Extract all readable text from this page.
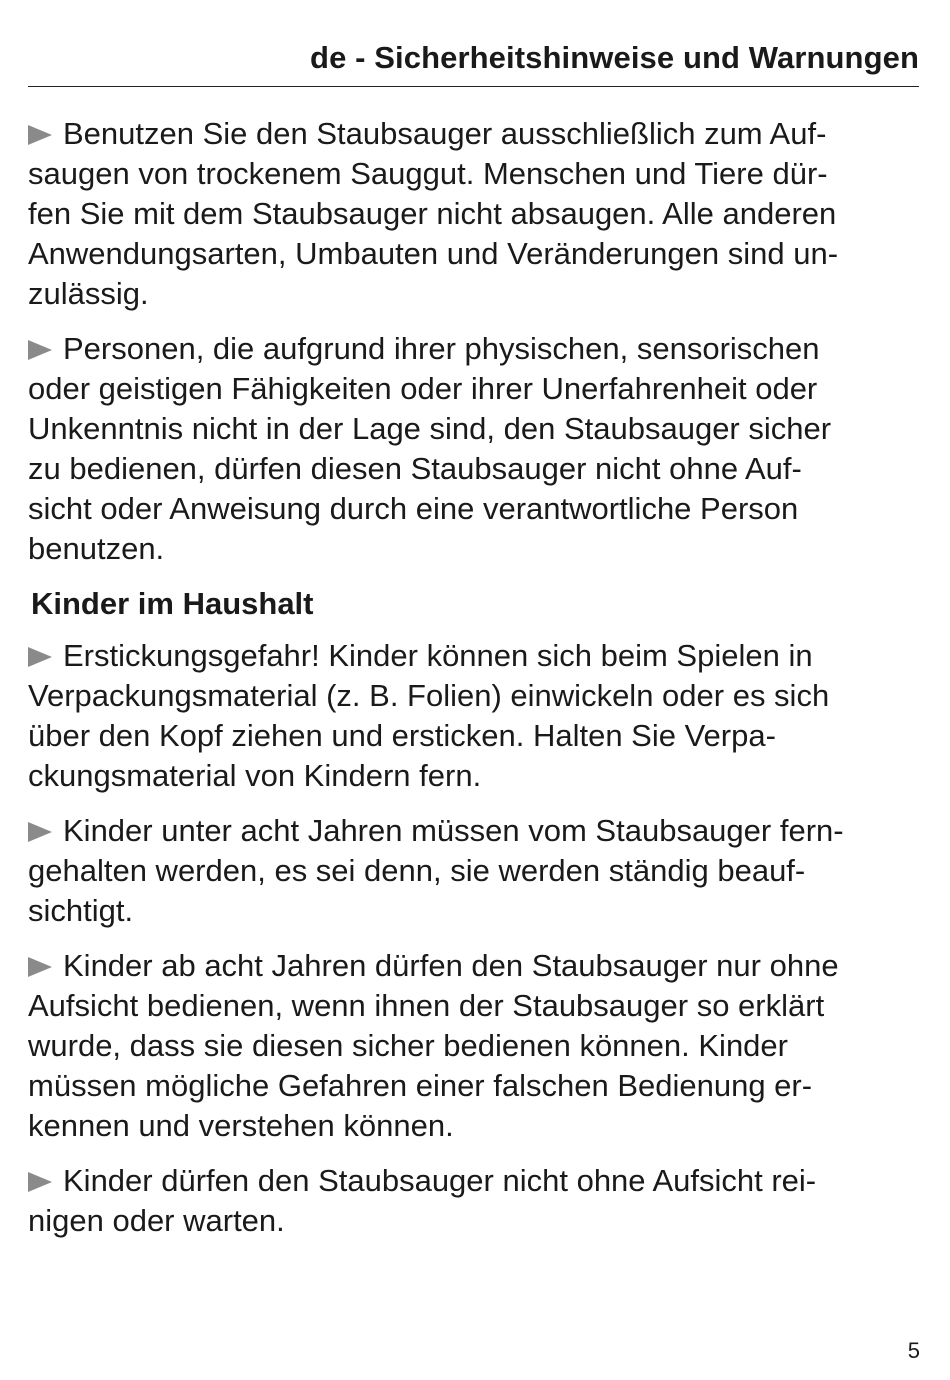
de - Sicherheitshinweise und Warnungen
Benutzen Sie den Staubsauger ausschließlich zum Auf-
saugen von trockenem Sauggut. Menschen und Tiere dür-
fen Sie mit dem Staubsauger nicht absaugen. Alle anderen
Anwendungsarten, Umbauten und Veränderungen sind un-
zulässig.
Personen, die aufgrund ihrer physischen, sensorischen
oder geistigen Fähigkeiten oder ihrer Unerfahrenheit oder
Unkenntnis nicht in der Lage sind, den Staubsauger sicher
zu bedienen, dürfen diesen Staubsauger nicht ohne Auf-
sicht oder Anweisung durch eine verantwortliche Person
benutzen.
Kinder im Haushalt
Erstickungsgefahr! Kinder können sich beim Spielen in
Verpackungsmaterial (z. B. Folien) einwickeln oder es sich
über den Kopf ziehen und ersticken. Halten Sie Verpa-
ckungsmaterial von Kindern fern.
Kinder unter acht Jahren müssen vom Staubsauger fern-
gehalten werden, es sei denn, sie werden ständig beauf-
sichtigt.
Kinder ab acht Jahren dürfen den Staubsauger nur ohne
Aufsicht bedienen, wenn ihnen der Staubsauger so erklärt
wurde, dass sie diesen sicher bedienen können. Kinder
müssen mögliche Gefahren einer falschen Bedienung er-
kennen und verstehen können.
Kinder dürfen den Staubsauger nicht ohne Aufsicht rei-
nigen oder warten.
5
